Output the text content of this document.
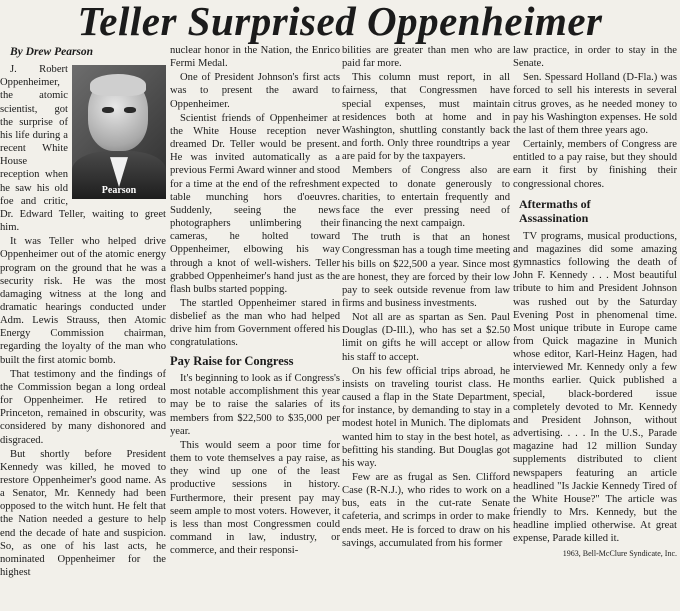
Teller Surprised Oppenheimer
By Drew Pearson
Pearson

J. Robert Oppenheimer, the atomic scientist, got the surprise of his life during a recent White House reception when he saw his old foe and critic, Dr. Edward Teller, waiting to greet him.

It was Teller who helped drive Oppenheimer out of the atomic energy program on the ground that he was a security risk. He was the most damaging witness at the long and dramatic hearings conducted under Adm. Lewis Strauss, then Atomic Energy Commission chairman, regarding the loyalty of the man who built the first atomic bomb.

That testimony and the findings of the Commission began a long ordeal for Oppenheimer. He retired to Princeton, remained in obscurity, was considered by many dishonored and disgraced.

But shortly before President Kennedy was killed, he moved to restore Oppenheimer's good name. As a Senator, Mr. Kennedy had been opposed to the witch hunt. He felt that the Nation needed a gesture to help end the decade of hate and suspicion. So, as one of his last acts, he nominated Oppenheimer for the highest

nuclear honor in the Nation, the Enrico Fermi Medal.

One of President Johnson's first acts was to present the award to Oppenheimer.

Scientist friends of Oppenheimer at the White House reception never dreamed Dr. Teller would be present. He was invited automatically as a previous Fermi Award winner and stood for a time at the end of the refreshment table munching hors d'oeuvres. Suddenly, seeing the news photographers unlimbering their cameras, he holted toward Oppenheimer, elbowing his way through a knot of well-wishers. Teller grabbed Oppenheimer's hand just as the flash bulbs started popping.

The startled Oppenheimer stared in disbelief as the man who had helped drive him from Government offered his congratulations.

Pay Raise for Congress

It's beginning to look as if Congress's most notable accomplishment this year may be to raise the salaries of its members from $22,500 to $35,000 per year.

This would seem a poor time for them to vote themselves a pay raise, as they wind up one of the least productive sessions in history. Furthermore, their present pay may seem ample to most voters. However, it is less than most Congressmen could command in law, industry, or commerce, and their responsi-

bilities are greater than men who are paid far more.

This column must report, in all fairness, that Congressmen have special expenses, must maintain residences both at home and in Washington, shuttling constantly back and forth. Only three roundtrips a year are paid for by the taxpayers.

Members of Congress also are expected to donate generously to charities, to entertain frequently and face the ever pressing need of financing the next campaign.

The truth is that an honest Congressman has a tough time meeting his bills on $22,500 a year. Since most are honest, they are forced by their low pay to seek outside revenue from law firms and business investments.

Not all are as spartan as Sen. Paul Douglas (D-Ill.), who has set a $2.50 limit on gifts he will accept or allow his staff to accept.

On his few official trips abroad, he insists on traveling tourist class. He caused a flap in the State Department, for instance, by demanding to stay in a modest hotel in Munich. The diplomats wanted him to stay in the best hotel, as befitting his standing. But Douglas got his way.

Few are as frugal as Sen. Clifford Case (R-N.J.), who rides to work on a bus, eats in the cut-rate Senate cafeteria, and scrimps in order to make ends meet. He is forced to draw on his savings, accumulated from his former

law practice, in order to stay in the Senate.

Sen. Spessard Holland (D-Fla.) was forced to sell his interests in several citrus groves, as he needed money to pay his Washington expenses. He sold the last of them three years ago.

Certainly, members of Congress are entitled to a pay raise, but they should earn it first by finishing their congressional chores.

Aftermaths of
Assassination

TV programs, musical productions, and magazines did some amazing gymnastics following the death of John F. Kennedy . . . Most beautiful tribute to him and President Johnson was rushed out by the Saturday Evening Post in phenomenal time. Most unique tribute in Europe came from Quick magazine in Munich whose editor, Karl-Heinz Hagen, had interviewed Mr. Kennedy only a few months earlier. Quick published a special, black-bordered issue completely devoted to Mr. Kennedy and President Johnson, without advertising. . . . In the U.S., Parade magazine had 12 million Sunday supplements distributed to client newspapers featuring an article headlined "Is Jackie Kennedy Tired of the White House?" The article was friendly to Mrs. Kennedy, but the headline implied otherwise. At great expense, Parade killed it.

1963, Bell-McClure Syndicate, Inc.
